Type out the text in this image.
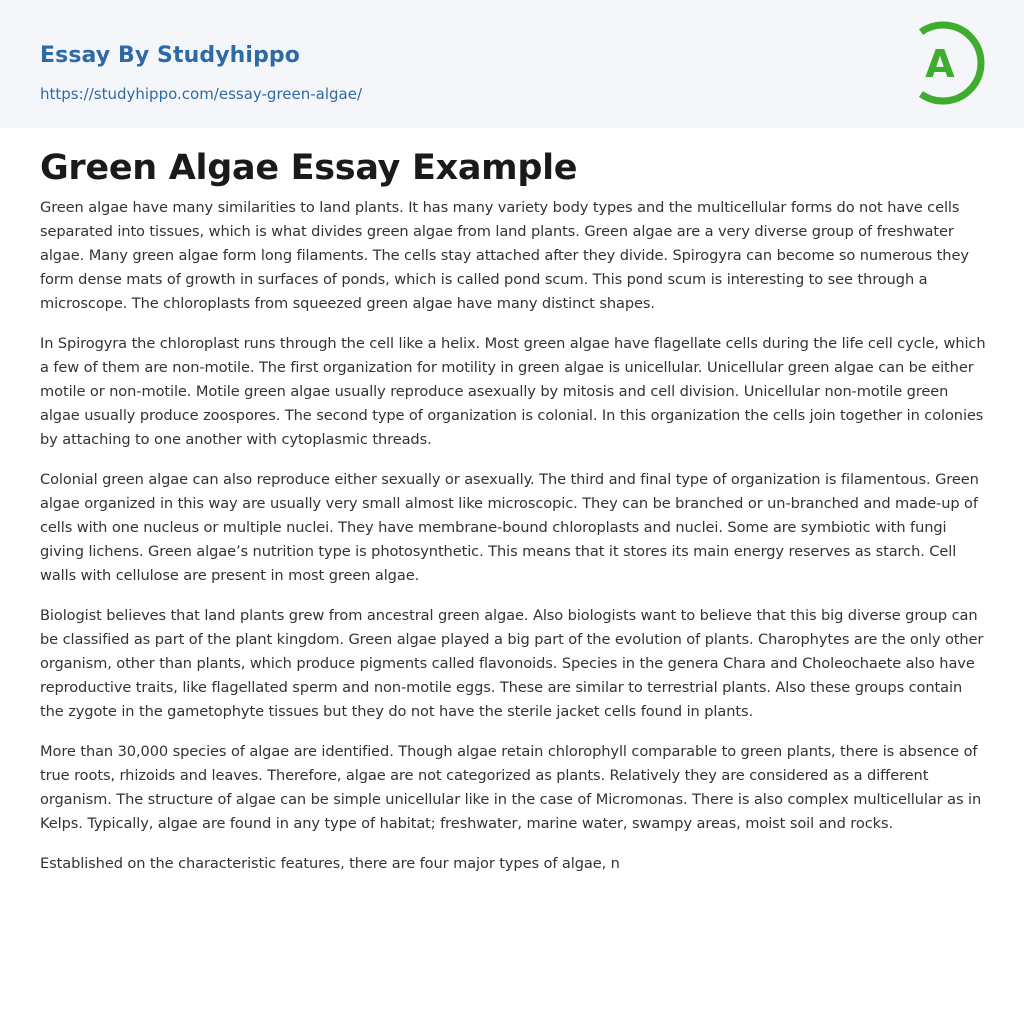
Essay By Studyhippo
https://studyhippo.com/essay-green-algae/
A
Green Algae Essay Example

Green algae have many similarities to land plants. It has many variety body types and the multicellular forms do not have cells separated into tissues, which is what divides green algae from land plants. Green algae are a very diverse group of freshwater algae. Many green algae form long filaments. The cells stay attached after they divide. Spirogyra can become so numerous they form dense mats of growth in surfaces of ponds, which is called pond scum. This pond scum is interesting to see through a microscope. The chloroplasts from squeezed green algae have many distinct shapes.

In Spirogyra the chloroplast runs through the cell like a helix. Most green algae have flagellate cells during the life cell cycle, which a few of them are non-motile. The first organization for motility in green algae is unicellular. Unicellular green algae can be either motile or non-motile. Motile green algae usually reproduce asexually by mitosis and cell division. Unicellular non-motile green algae usually produce zoospores. The second type of organization is colonial. In this organization the cells join together in colonies by attaching to one another with cytoplasmic threads.

Colonial green algae can also reproduce either sexually or asexually. The third and final type of organization is filamentous. Green algae organized in this way are usually very small almost like microscopic. They can be branched or un-branched and made-up of cells with one nucleus or multiple nuclei. They have membrane-bound chloroplasts and nuclei. Some are symbiotic with fungi giving lichens. Green algae’s nutrition type is photosynthetic. This means that it stores its main energy reserves as starch. Cell walls with cellulose are present in most green algae.

Biologist believes that land plants grew from ancestral green algae. Also biologists want to believe that this big diverse group can be classified as part of the plant kingdom. Green algae played a big part of the evolution of plants. Charophytes are the only other organism, other than plants, which produce pigments called flavonoids. Species in the genera Chara and Choleochaete also have reproductive traits, like flagellated sperm and non-motile eggs. These are similar to terrestrial plants. Also these groups contain the zygote in the gametophyte tissues but they do not have the sterile jacket cells found in plants.

More than 30,000 species of algae are identified. Though algae retain chlorophyll comparable to green plants, there is absence of true roots, rhizoids and leaves. Therefore, algae are not categorized as plants. Relatively they are considered as a different organism. The structure of algae can be simple unicellular like in the case of Micromonas. There is also complex multicellular as in Kelps. Typically, algae are found in any type of habitat; freshwater, marine water, swampy areas, moist soil and rocks.

Established on the characteristic features, there are four major types of algae, n
